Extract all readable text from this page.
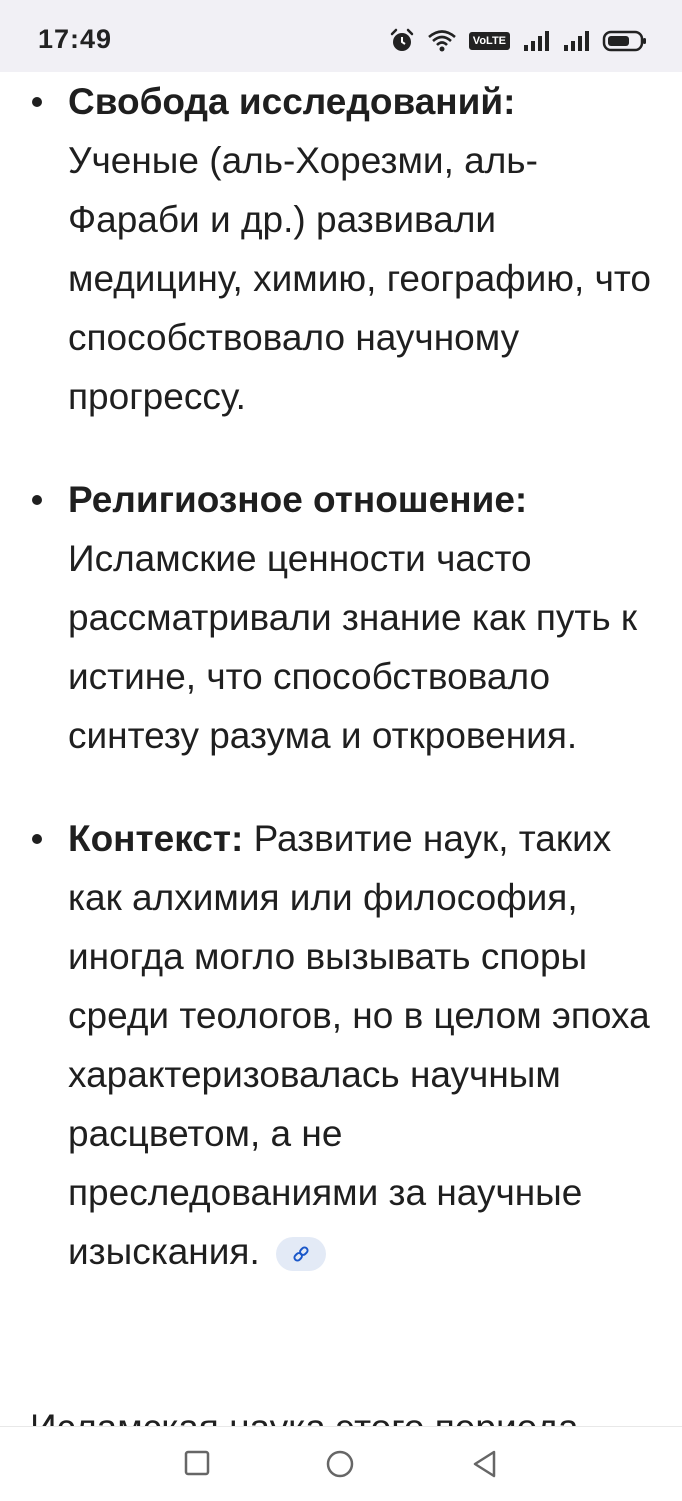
17:49	VoLTE
Свобода исследований: Ученые (аль-Хорезми, аль-Фараби и др.) развивали медицину, химию, географию, что способствовало научному прогрессу.
Религиозное отношение: Исламские ценности часто рассматривали знание как путь к истине, что способствовало синтезу разума и откровения.
Контекст: Развитие наук, таких как алхимия или философия, иногда могло вызывать споры среди теологов, но в целом эпоха характеризовалась научным расцветом, а не преследованиями за научные изыскания.
